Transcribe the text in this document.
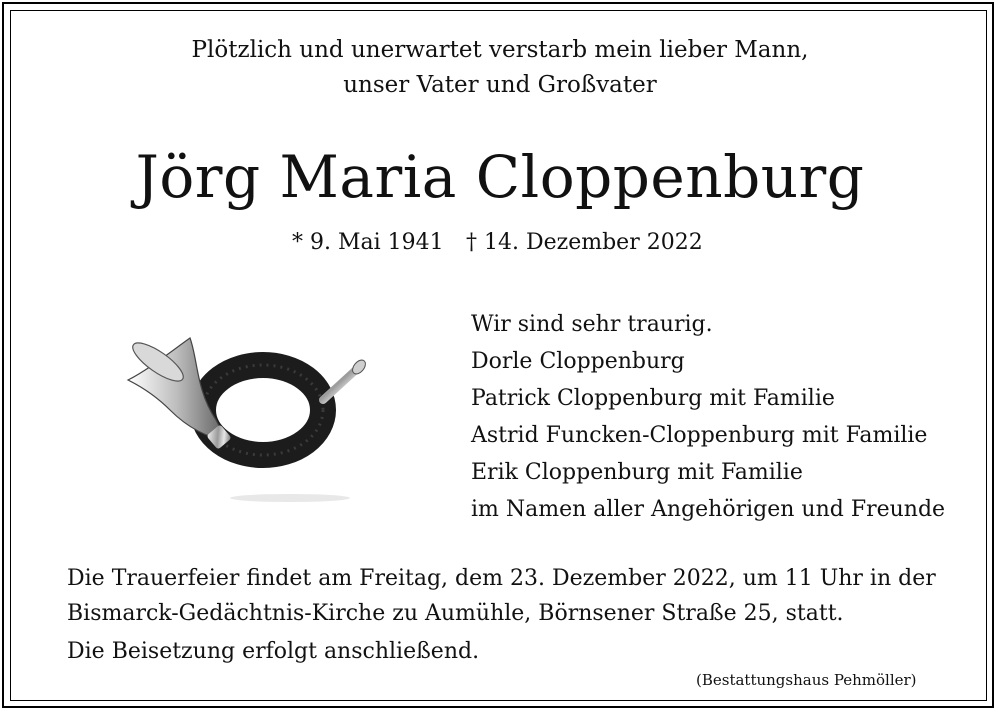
Plötzlich und unerwartet verstarb mein lieber Mann,
unser Vater und Großvater
Jörg Maria Cloppenburg
* 9. Mai 1941 † 14. Dezember 2022
Wir sind sehr traurig.
Dorle Cloppenburg
Patrick Cloppenburg mit Familie
Astrid Funcken-Cloppenburg mit Familie
Erik Cloppenburg mit Familie
im Namen aller Angehörigen und Freunde
Die Trauerfeier findet am Freitag, dem 23. Dezember 2022, um 11 Uhr in der
Bismarck-Gedächtnis-Kirche zu Aumühle, Börnsener Straße 25, statt.
Die Beisetzung erfolgt anschließend.
(Bestattungshaus Pehmöller)
